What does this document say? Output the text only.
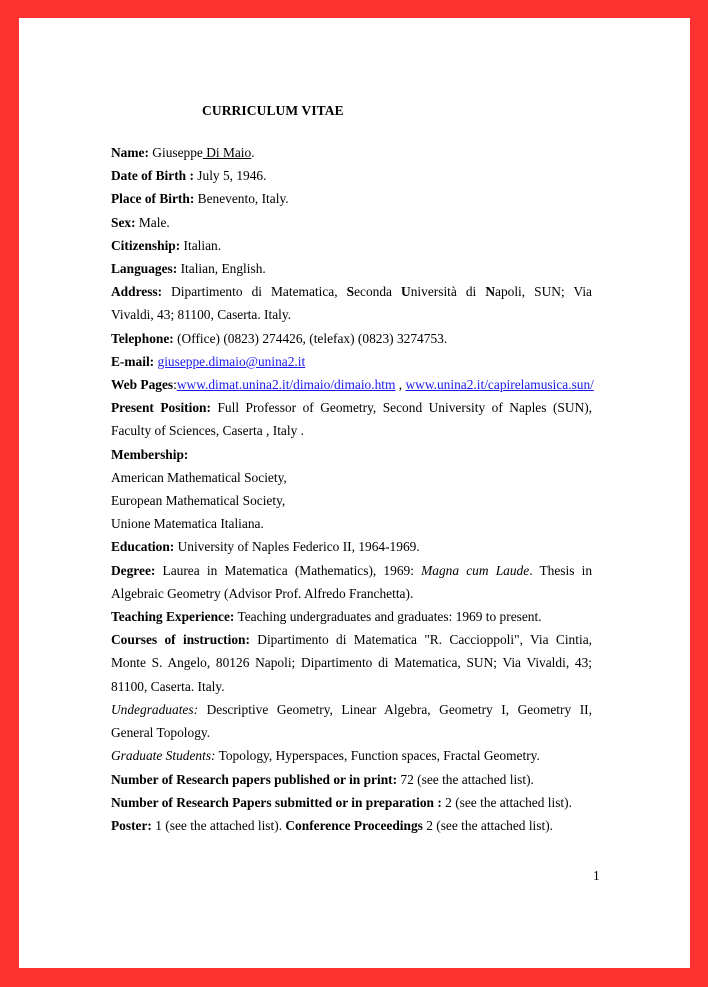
CURRICULUM VITAE
Name: Giuseppe Di Maio.
Date of Birth : July 5, 1946.
Place of Birth: Benevento, Italy.
Sex: Male.
Citizenship: Italian.
Languages: Italian, English.
Address: Dipartimento di Matematica, Seconda Università di Napoli, SUN; Via
Vivaldi, 43; 81100, Caserta. Italy.
Telephone: (Office) (0823) 274426, (telefax) (0823) 3274753.
E-mail: giuseppe.dimaio@unina2.it
Web Pages:www.dimat.unina2.it/dimaio/dimaio.htm , www.unina2.it/capirelamusica.sun/
Present Position: Full Professor of Geometry, Second University of Naples (SUN),
Faculty of Sciences, Caserta , Italy .
Membership:
American Mathematical Society,
European Mathematical Society,
Unione Matematica Italiana.
Education: University of Naples Federico II, 1964-1969.
Degree: Laurea in Matematica (Mathematics), 1969: Magna cum Laude. Thesis in
Algebraic Geometry (Advisor Prof. Alfredo Franchetta).
Teaching Experience: Teaching undergraduates and graduates: 1969 to present.
Courses of instruction: Dipartimento di Matematica "R. Caccioppoli", Via Cintia,
Monte S. Angelo, 80126 Napoli; Dipartimento di Matematica, SUN; Via Vivaldi, 43;
81100, Caserta. Italy.
Undegraduates: Descriptive Geometry, Linear Algebra, Geometry I, Geometry II,
General Topology.
Graduate Students: Topology, Hyperspaces, Function spaces, Fractal Geometry.
Number of Research papers published or in print: 72 (see the attached list).
Number of Research Papers submitted or in preparation : 2 (see the attached list).
Poster: 1 (see the attached list). Conference Proceedings 2 (see the attached list).
1
